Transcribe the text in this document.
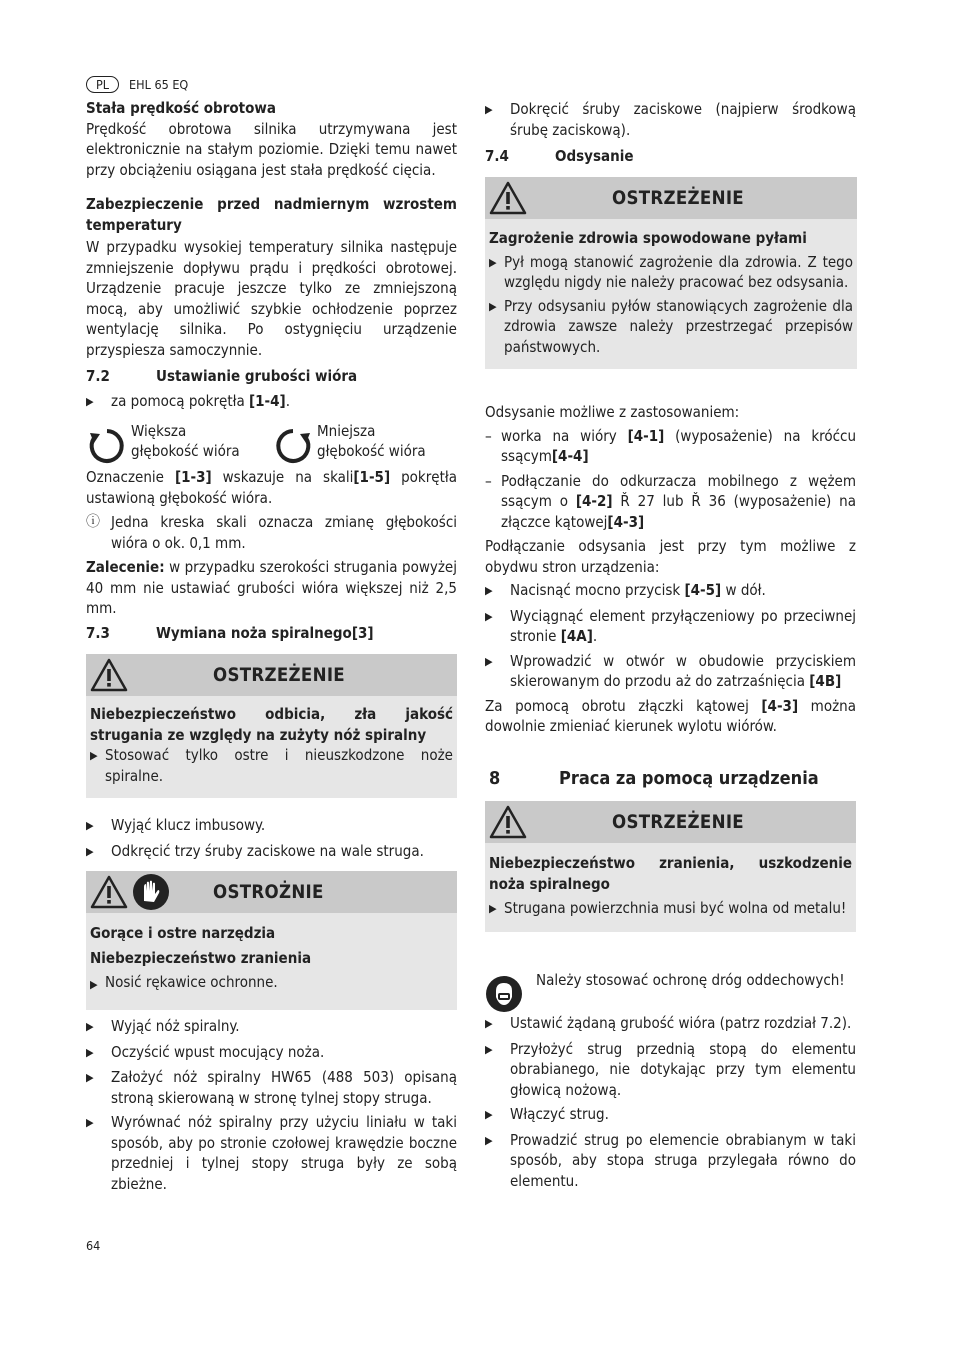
PL	EHL 65 EQ

Stała prędkość obrotowa

Prędkość obrotowa silnika utrzymywana jest elektronicznie na stałym poziomie. Dzięki temu nawet przy obciążeniu osiągana jest stała prędkość cięcia.

Zabezpieczenie przed nadmiernym wzrostem temperatury

W przypadku wysokiej temperatury silnika następuje zmniejszenie dopływu prądu i prędkości obrotowej. Urządzenie pracuje jeszcze tylko ze zmniejszoną mocą, aby umożliwić szybkie ochłodzenie poprzez wentylację silnika. Po ostygnięciu urządzenie przyspiesza samoczynnie.

7.2	Ustawianie grubości wióra
▶	za pomocą pokrętła [1-4].
Większa głębokość wióra
Mniejsza głębokość wióra

Oznaczenie [1-3] wskazuje na skali[1-5] pokrętła ustawioną głębokość wióra.

ⓘ Jedna kreska skali oznacza zmianę głębokości wióra o ok. 0,1 mm.

Zalecenie: w przypadku szerokości strugania powyżej 40 mm nie ustawiać grubości wióra większej niż 2,5 mm.

7.3	Wymiana noża spiralnego[3]
OSTRZEŻENIE
Niebezpieczeństwo odbicia, zła jakość strugania ze względy na zużyty nóż spiralny
▶ Stosować tylko ostre i nieuszkodzone noże spiralne.
▶	Wyjąć klucz imbusowy.
▶	Odkręcić trzy śruby zaciskowe na wale struga.
OSTROŻNIE
Gorące i ostre narzędzia
Niebezpieczeństwo zranienia
▶ Nosić rękawice ochronne.
▶	Wyjąć nóż spiralny.
▶	Oczyścić wpust mocujący noża.
▶	Założyć nóż spiralny HW65 (488 503) opisaną stroną skierowaną w stronę tylnej stopy struga.
▶	Wyrównać nóż spiralny przy użyciu liniału w taki sposób, aby po stronie czołowej krawędzie boczne przedniej i tylnej stopy struga były ze sobą zbieżne.
▶	Dokręcić śruby zaciskowe (najpierw środkową śrubę zaciskową).
7.4	Odsysanie
OSTRZEŻENIE
Zagrożenie zdrowia spowodowane pyłami
▶ Pył mogą stanowić zagrożenie dla zdrowia. Z tego względu nigdy nie należy pracować bez odsysania.
▶ Przy odsysaniu pyłów stanowiących zagrożenie dla zdrowia zawsze należy przestrzegać przepisów państwowych.

Odsysanie możliwe z zastosowaniem:

– worka na wióry [4-1] (wyposażenie) na króćcu ssącym[4-4]
– Podłączanie do odkurzacza mobilnego z wężem ssącym o [4-2] Ř 27 lub Ř 36 (wyposażenie) na złączce kątowej[4-3]

Podłączanie odsysania jest przy tym możliwe z obydwu stron urządzenia:

▶	Nacisnąć mocno przycisk [4-5] w dół.
▶	Wyciągnąć element przyłączeniowy po przeciwnej stronie [4A].
▶	Wprowadzić w otwór w obudowie przyciskiem skierowanym do przodu aż do zatrzaśnięcia [4B]

Za pomocą obrotu złączki kątowej [4-3] można dowolnie zmieniać kierunek wylotu wiórów.

8	Praca za pomocą urządzenia
OSTRZEŻENIE
Niebezpieczeństwo zranienia, uszkodzenie noża spiralnego
▶ Strugana powierzchnia musi być wolna od metalu!

Należy stosować ochronę dróg oddechowych!

▶	Ustawić żądaną grubość wióra (patrz rozdział 7.2).
▶	Przyłożyć strug przednią stopą do elementu obrabianego, nie dotykając przy tym elementu głowicą nożową.
▶	Włączyć strug.
▶	Prowadzić strug po elemencie obrabianym w taki sposób, aby stopa struga przylegała równo do elementu.
64
